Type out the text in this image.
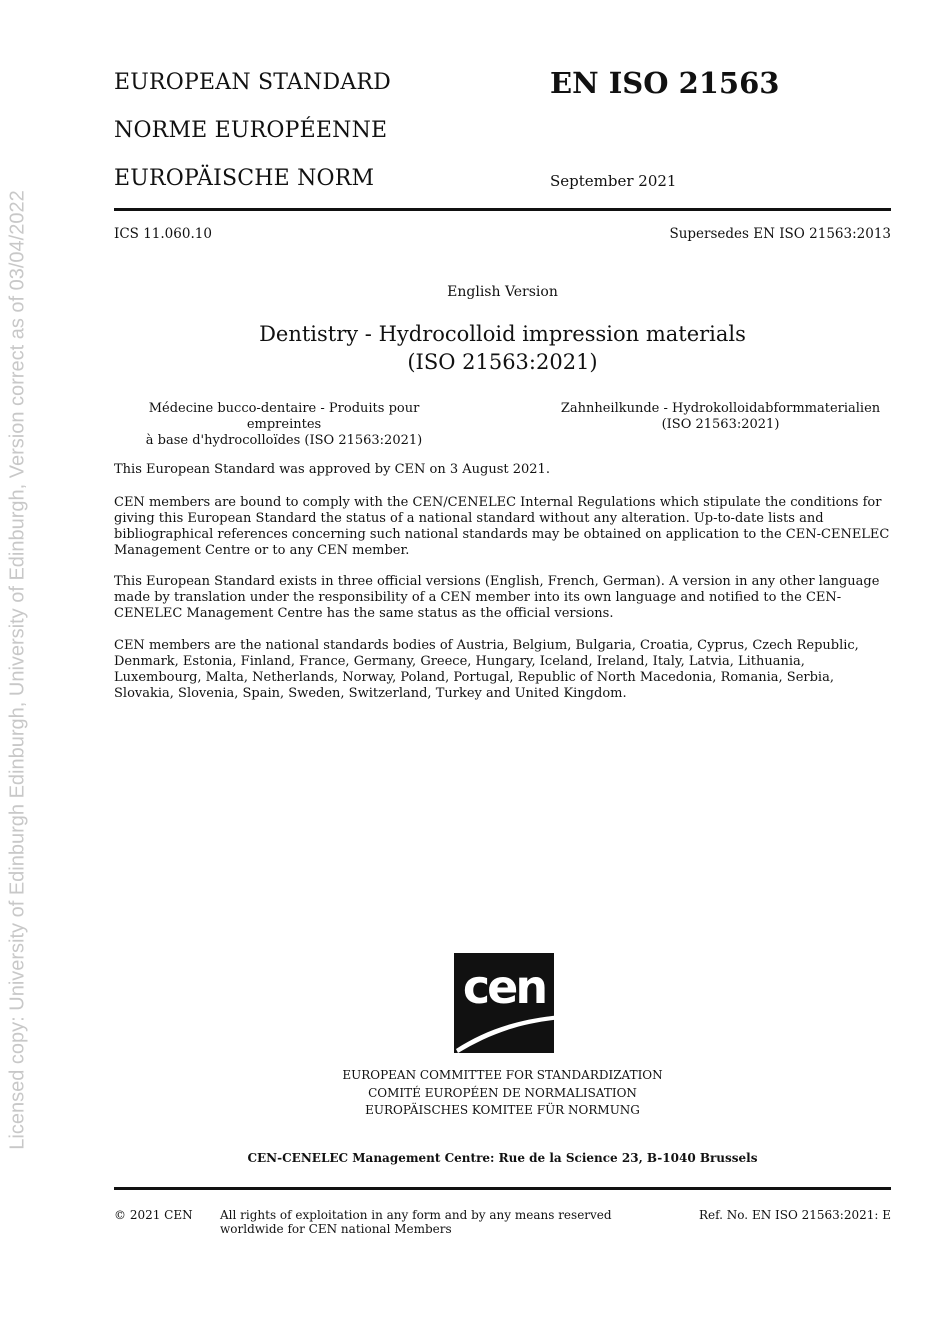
Licensed copy: University of Edinburgh Edinburgh, University of Edinburgh, Version correct as of 03/04/2022
EUROPEAN STANDARD
NORME EUROPÉENNE
EUROPÄISCHE NORM
EN ISO 21563
September 2021
ICS 11.060.10	Supersedes EN ISO 21563:2013
English Version
Dentistry - Hydrocolloid impression materials
(ISO 21563:2021)
Médecine bucco-dentaire - Produits pour empreintes
à base d'hydrocolloïdes (ISO 21563:2021)
Zahnheilkunde - Hydrokolloidabformmaterialien
(ISO 21563:2021)

This European Standard was approved by CEN on 3 August 2021.

CEN members are bound to comply with the CEN/CENELEC Internal Regulations which stipulate the conditions for giving this European Standard the status of a national standard without any alteration. Up-to-date lists and bibliographical references concerning such national standards may be obtained on application to the CEN-CENELEC Management Centre or to any CEN member.

This European Standard exists in three official versions (English, French, German). A version in any other language made by translation under the responsibility of a CEN member into its own language and notified to the CEN-CENELEC Management Centre has the same status as the official versions.

CEN members are the national standards bodies of Austria, Belgium, Bulgaria, Croatia, Cyprus, Czech Republic, Denmark, Estonia, Finland, France, Germany, Greece, Hungary, Iceland, Ireland, Italy, Latvia, Lithuania, Luxembourg, Malta, Netherlands, Norway, Poland, Portugal, Republic of North Macedonia, Romania, Serbia, Slovakia, Slovenia, Spain, Sweden, Switzerland, Turkey and United Kingdom.

cen
EUROPEAN COMMITTEE FOR STANDARDIZATION
COMITÉ EUROPÉEN DE NORMALISATION
EUROPÄISCHES KOMITEE FÜR NORMUNG
CEN-CENELEC Management Centre: Rue de la Science 23, B-1040 Brussels
© 2021 CEN All rights of exploitation in any form and by any means reserved
worldwide for CEN national Members
Ref. No. EN ISO 21563:2021: E
